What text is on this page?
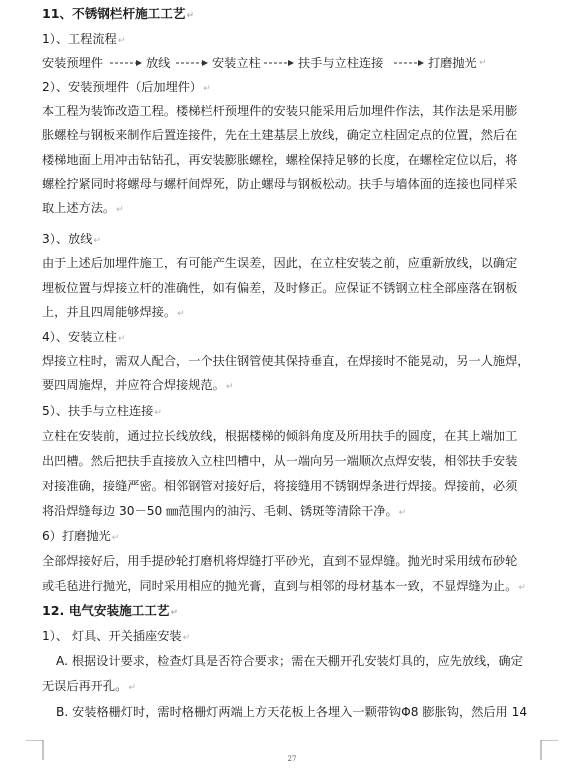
11、不锈钢栏杆施工工艺↵
1）、工程流程↵
安装预埋件	放线	安装立柱	扶手与立柱连接	打磨抛光 ↵
2）、安装预埋件（后加埋件）↵
本工程为装饰改造工程。楼梯栏杆预埋件的安装只能采用后加埋件作法，其作法是采用膨
胀螺栓与钢板来制作后置连接件，先在土建基层上放线，确定立柱固定点的位置，然后在
楼梯地面上用冲击钻钻孔，再安装膨胀螺栓，螺栓保持足够的长度，在螺栓定位以后，将
螺栓拧紧同时将螺母与螺杆间焊死，防止螺母与钢板松动。扶手与墙体面的连接也同样采
取上述方法。↵
3）、放线↵
由于上述后加埋件施工，有可能产生误差，因此，在立柱安装之前，应重新放线，以确定
埋板位置与焊接立杆的准确性，如有偏差，及时修正。应保证不锈钢立柱全部座落在钢板
上，并且四周能够焊接。↵
4）、安装立柱↵
焊接立柱时，需双人配合，一个扶住钢管使其保持垂直，在焊接时不能晃动，另一人施焊，
要四周施焊，并应符合焊接规范。↵
5）、扶手与立柱连接↵
立柱在安装前，通过拉长线放线，根据楼梯的倾斜角度及所用扶手的圆度，在其上端加工
出凹槽。然后把扶手直接放入立柱凹槽中，从一端向另一端顺次点焊安装，相邻扶手安装
对接准确，接缝严密。相邻钢管对接好后，将接缝用不锈钢焊条进行焊接。焊接前，必须
将沿焊缝每边 30－50 ㎜范围内的油污、毛刺、锈斑等清除干净。↵
6）打磨抛光↵
全部焊接好后，用手提砂轮打磨机将焊缝打平砂光，直到不显焊缝。抛光时采用绒布砂轮
或毛毡进行抛光，同时采用相应的抛光膏，直到与相邻的母材基本一致，不显焊缝为止。↵
12. 电气安装施工工艺↵
1）、 灯具、开关插座安装↵
A. 根据设计要求，检查灯具是否符合要求；需在天棚开孔安装灯具的，应先放线，确定
无误后再开孔。↵
B. 安装格栅灯时，需时格栅灯两端上方天花板上各埋入一颗带钩Φ8 膨胀钩，然后用 14
27
